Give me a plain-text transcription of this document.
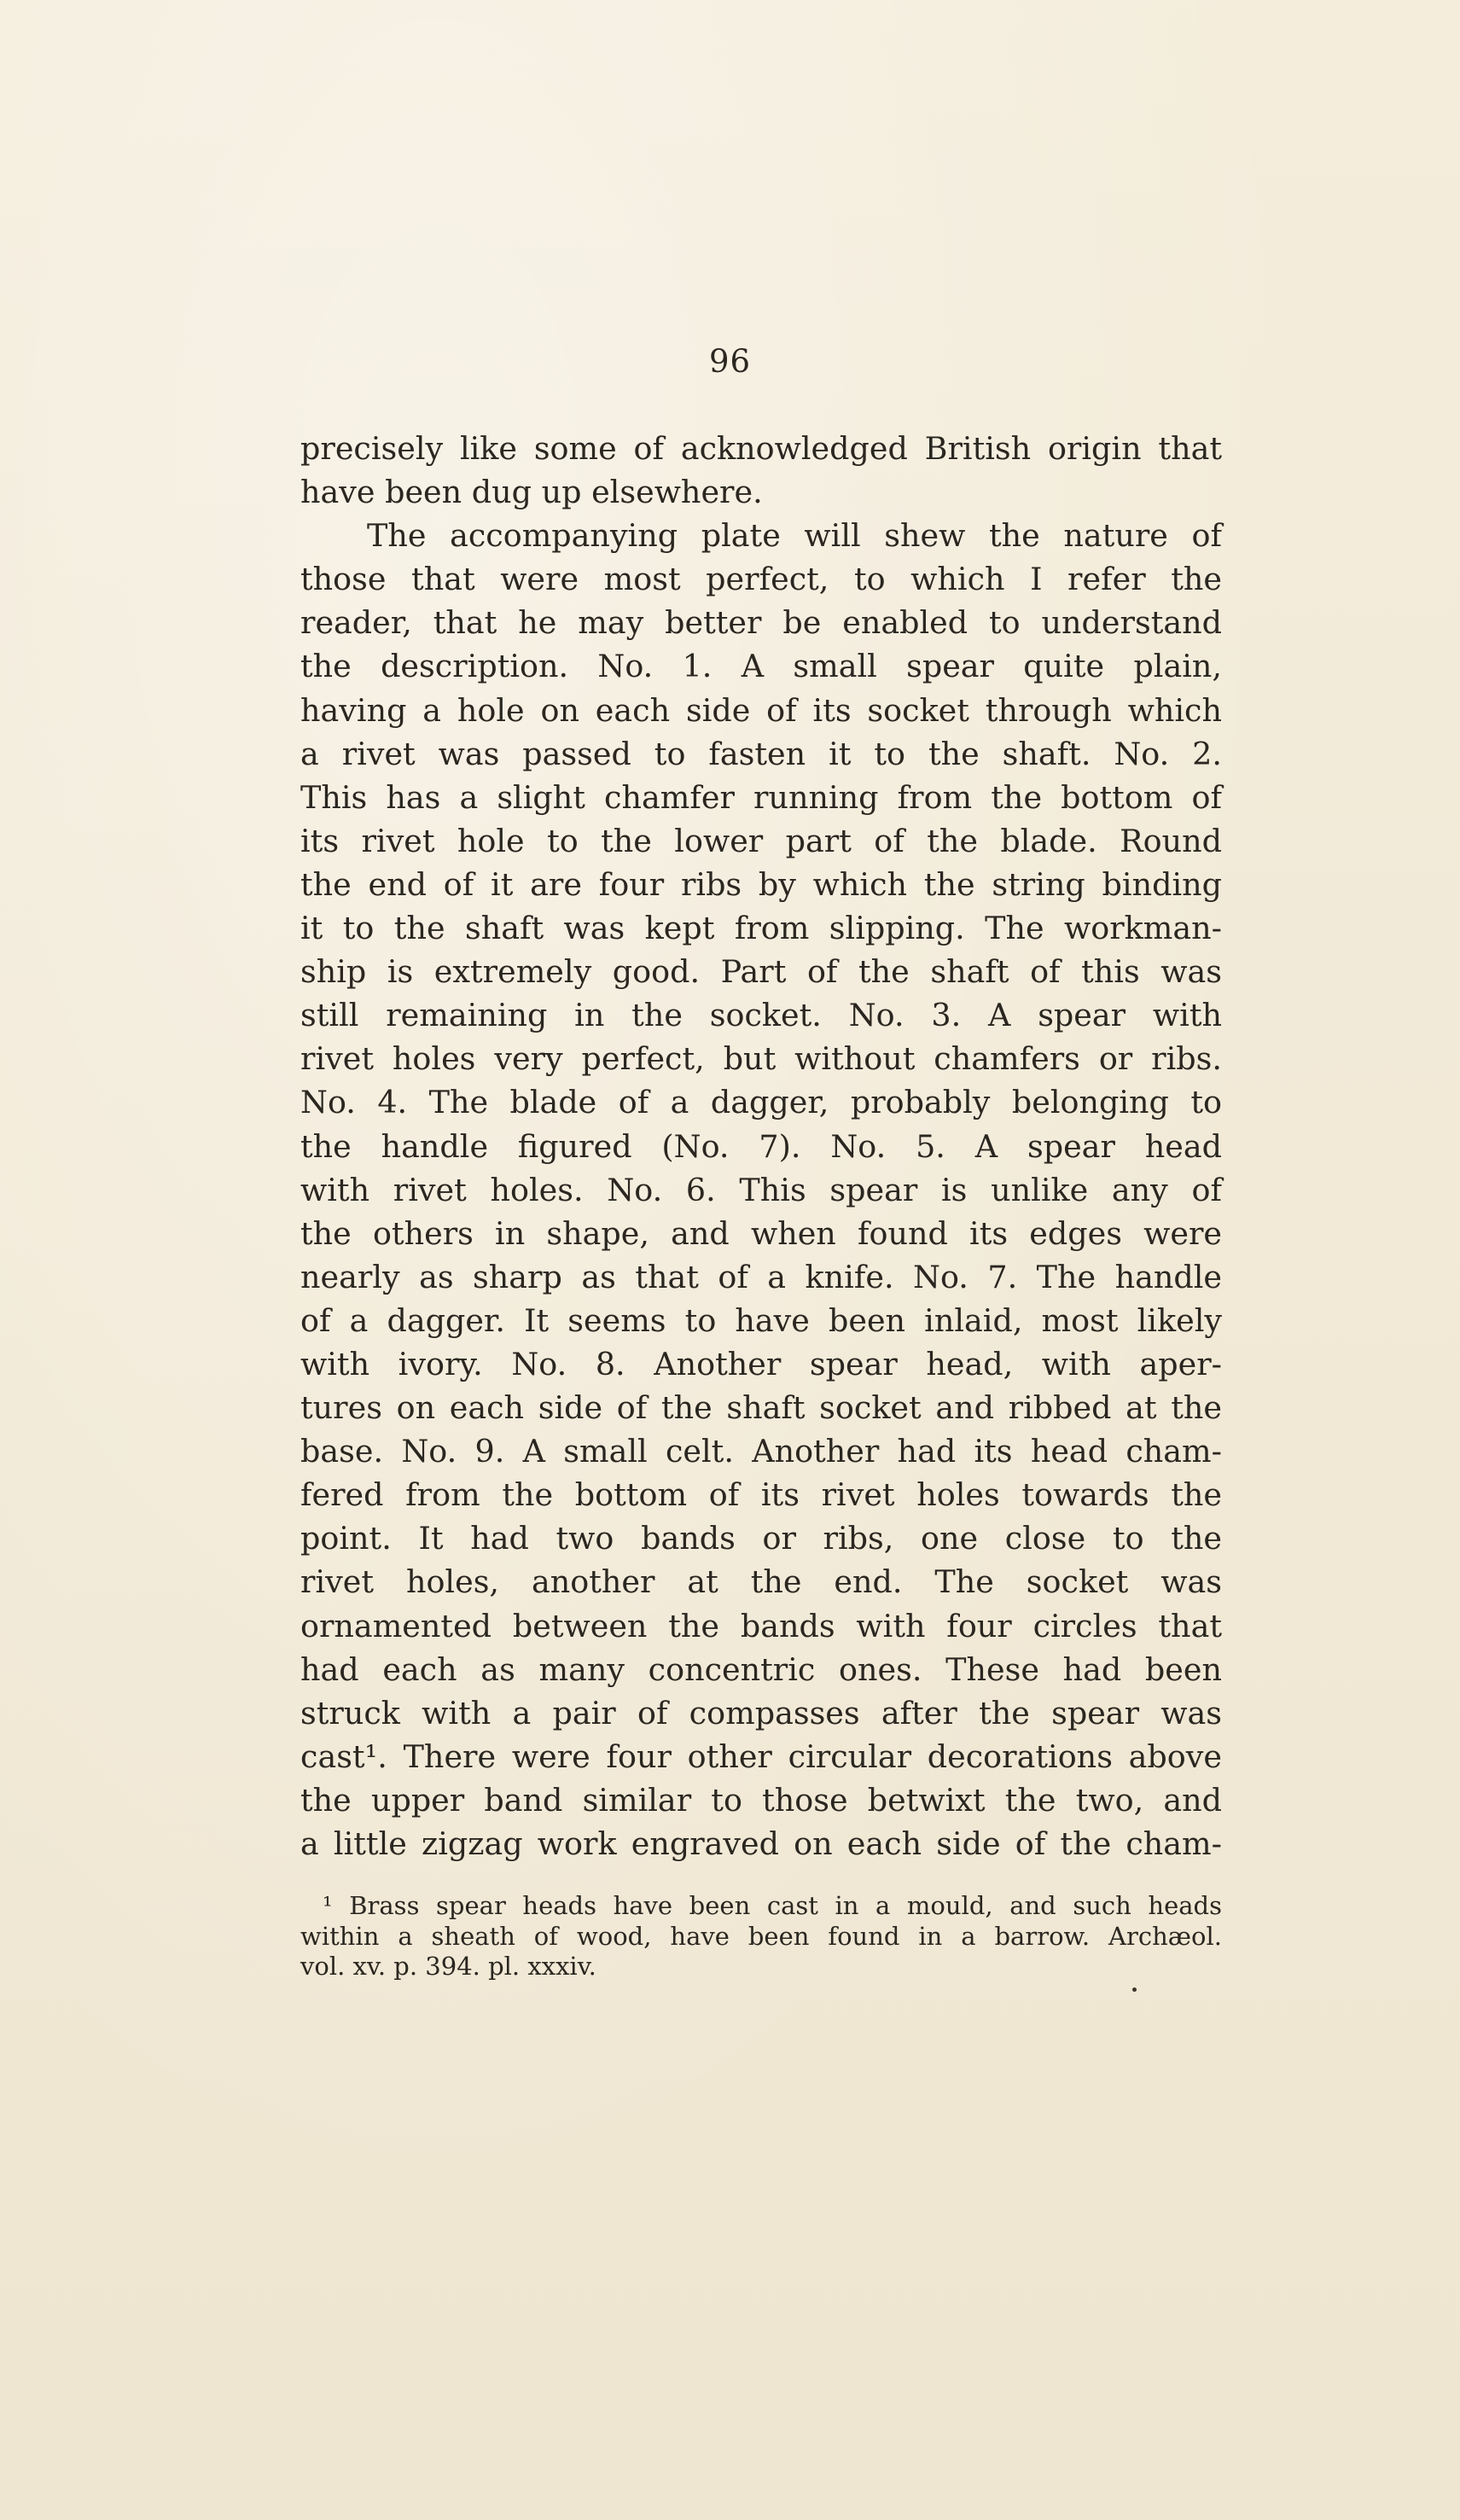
96
precisely like some of acknowledged British origin that
have been dug up elsewhere.
The accompanying plate will shew the nature of
those that were most perfect, to which I refer the
reader, that he may better be enabled to understand
the description. No. 1. A small spear quite plain,
having a hole on each side of its socket through which
a rivet was passed to fasten it to the shaft. No. 2.
This has a slight chamfer running from the bottom of
its rivet hole to the lower part of the blade. Round
the end of it are four ribs by which the string binding
it to the shaft was kept from slipping. The workman-
ship is extremely good. Part of the shaft of this was
still remaining in the socket. No. 3. A spear with
rivet holes very perfect, but without chamfers or ribs.
No. 4. The blade of a dagger, probably belonging to
the handle figured (No. 7). No. 5. A spear head
with rivet holes. No. 6. This spear is unlike any of
the others in shape, and when found its edges were
nearly as sharp as that of a knife. No. 7. The handle
of a dagger. It seems to have been inlaid, most likely
with ivory. No. 8. Another spear head, with aper-
tures on each side of the shaft socket and ribbed at the
base. No. 9. A small celt. Another had its head cham-
fered from the bottom of its rivet holes towards the
point. It had two bands or ribs, one close to the
rivet holes, another at the end. The socket was
ornamented between the bands with four circles that
had each as many concentric ones. These had been
struck with a pair of compasses after the spear was
cast¹. There were four other circular decorations above
the upper band similar to those betwixt the two, and
a little zigzag work engraved on each side of the cham-
¹ Brass spear heads have been cast in a mould, and such heads
within a sheath of wood, have been found in a barrow. Archæol.
vol. xv. p. 394. pl. xxxiv.
